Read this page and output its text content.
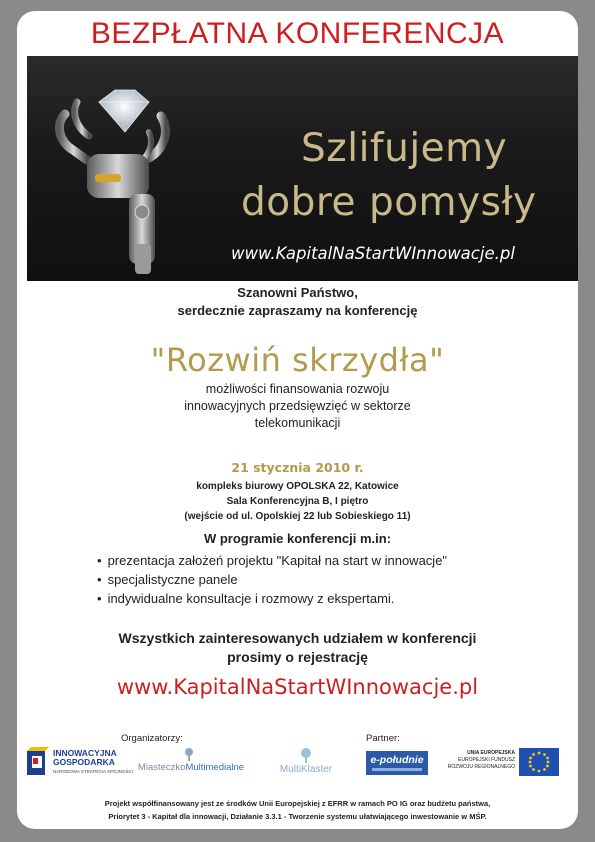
BEZPŁATNA KONFERENCJA
Szlifujemy
dobre pomysły
www.KapitalNaStartWInnowacje.pl
Szanowni Państwo,
serdecznie zapraszamy na konferencję
"Rozwiń skrzydła"
możliwości finansowania rozwoju
innowacyjnych przedsięwzięć w sektorze
telekomunikacji
21 stycznia 2010 r.
kompleks biurowy OPOLSKA 22, Katowice
Sala Konferencyjna B, I piętro
(wejście od ul. Opolskiej 22 lub Sobieskiego 11)
W programie konferencji m.in:
• prezentacja założeń projektu "Kapitał na start w innowacje"
• specjalistyczne panele
• indywidualne konsultacje i rozmowy z ekspertami.
Wszystkich zainteresowanych udziałem w konferencji
prosimy o rejestrację
www.KapitalNaStartWInnowacje.pl
Organizatorzy:	Partner:
INNOWACYJNA
GOSPODARKA
NARODOWA STRATEGIA SPÓJNOŚCI MiasteczkoMultimedialne	MultiKlaster
e-południe
UNIA EUROPEJSKA
EUROPEJSKI FUNDUSZ
ROZWOJU REGIONALNEGO
Projekt współfinansowany jest ze środków Unii Europejskiej z EFRR w ramach PO IG oraz budżetu państwa,
Priorytet 3 - Kapitał dla innowacji, Działanie 3.3.1 - Tworzenie systemu ułatwiającego inwestowanie w MŚP.
